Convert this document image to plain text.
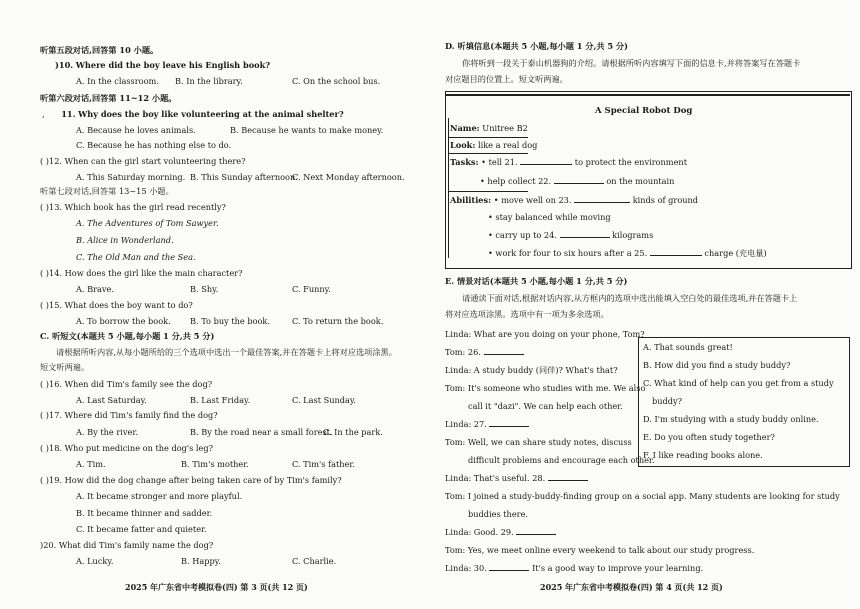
听第五段对话,回答第 10 小题。
)10. Where did the boy leave his English book?
A. In the classroom. B. In the library.	C. On the school bus.
听第六段对话,回答第 11~12 小题。
, 11. Why does the boy like volunteering at the animal shelter?
A. Because he loves animals.	B. Because he wants to make money.
C. Because he has nothing else to do.
( )12. When can the girl start volunteering there?
A. This Saturday morning. B. This Sunday afternoon.
C. Next Monday afternoon.
听第七段对话,回答第 13~15 小题。
( )13. Which book has the girl read recently?
A. The Adventures of Tom Sawyer.
B. Alice in Wonderland.
C. The Old Man and the Sea.
( )14. How does the girl like the main character?
A. Brave.	B. Shy.	C. Funny.
( )15. What does the boy want to do?
A. To borrow the book. B. To buy the book.	C. To return the book.
C. 听短文(本题共 5 小题,每小题 1 分,共 5 分)
请根据所听内容,从每小题所给的三个选项中选出一个最佳答案,并在答题卡上将对应选项涂黑。
短文听两遍。
( )16. When did Tim's family see the dog?
A. Last Saturday.	B. Last Friday.	C. Last Sunday.
( )17. Where did Tim's family find the dog?
A. By the river.	B. By the road near a small forest.
C. In the park.
( )18. Who put medicine on the dog's leg?
A. Tim.	B. Tim's mother.	C. Tim's father.
( )19. How did the dog change after being taken care of by Tim's family?
A. It became stronger and more playful.
B. It became thinner and sadder.
C. It became fatter and quieter.
)20. What did Tim's family name the dog?
A. Lucky.	B. Happy.	C. Charlie.
2025 年广东省中考模拟卷(四) 第 3 页(共 12 页)
D. 听填信息(本题共 5 小题,每小题 1 分,共 5 分)
你将听到一段关于泰山机器狗的介绍。请根据所听内容填写下面的信息卡,并将答案写在答题卡
对应题目的位置上。短文听两遍。
A Special Robot Dog
Name: Unitree B2
Look: like a real dog
Tasks: • tell 21.	to protect the environment
• help collect 22.	on the mountain
Abilities: • move well on 23.	kinds of ground
• stay balanced while moving
• carry up to 24.	kilograms
• work for four to six hours after a 25.	charge (充电量)
E. 情景对话(本题共 5 小题,每小题 1 分,共 5 分)
请通读下面对话,根据对话内容,从方框内的选项中选出能填入空白处的最佳选项,并在答题卡上
将对应选项涂黑。选项中有一项为多余选项。
Linda: What are you doing on your phone, Tom?
Tom: 26.
Linda: A study buddy (同伴)? What's that?
Tom: It's someone who studies with me. We also
call it "dazi". We can help each other.
Linda: 27.
Tom: Well, we can share study notes, discuss
difficult problems and encourage each other.
Linda: That's useful. 28.
Tom: I joined a study-buddy-finding group on a social app. Many students are looking for study
buddies there.
Linda: Good. 29.
Tom: Yes, we meet online every weekend to talk about our study progress.
Linda: 30.	It's a good way to improve your learning.
A. That sounds great!
B. How did you find a study buddy?
C. What kind of help can you get from a study
buddy?
D. I'm studying with a study buddy online.
E. Do you often study together?
F. I like reading books alone.
2025 年广东省中考模拟卷(四) 第 4 页(共 12 页)
